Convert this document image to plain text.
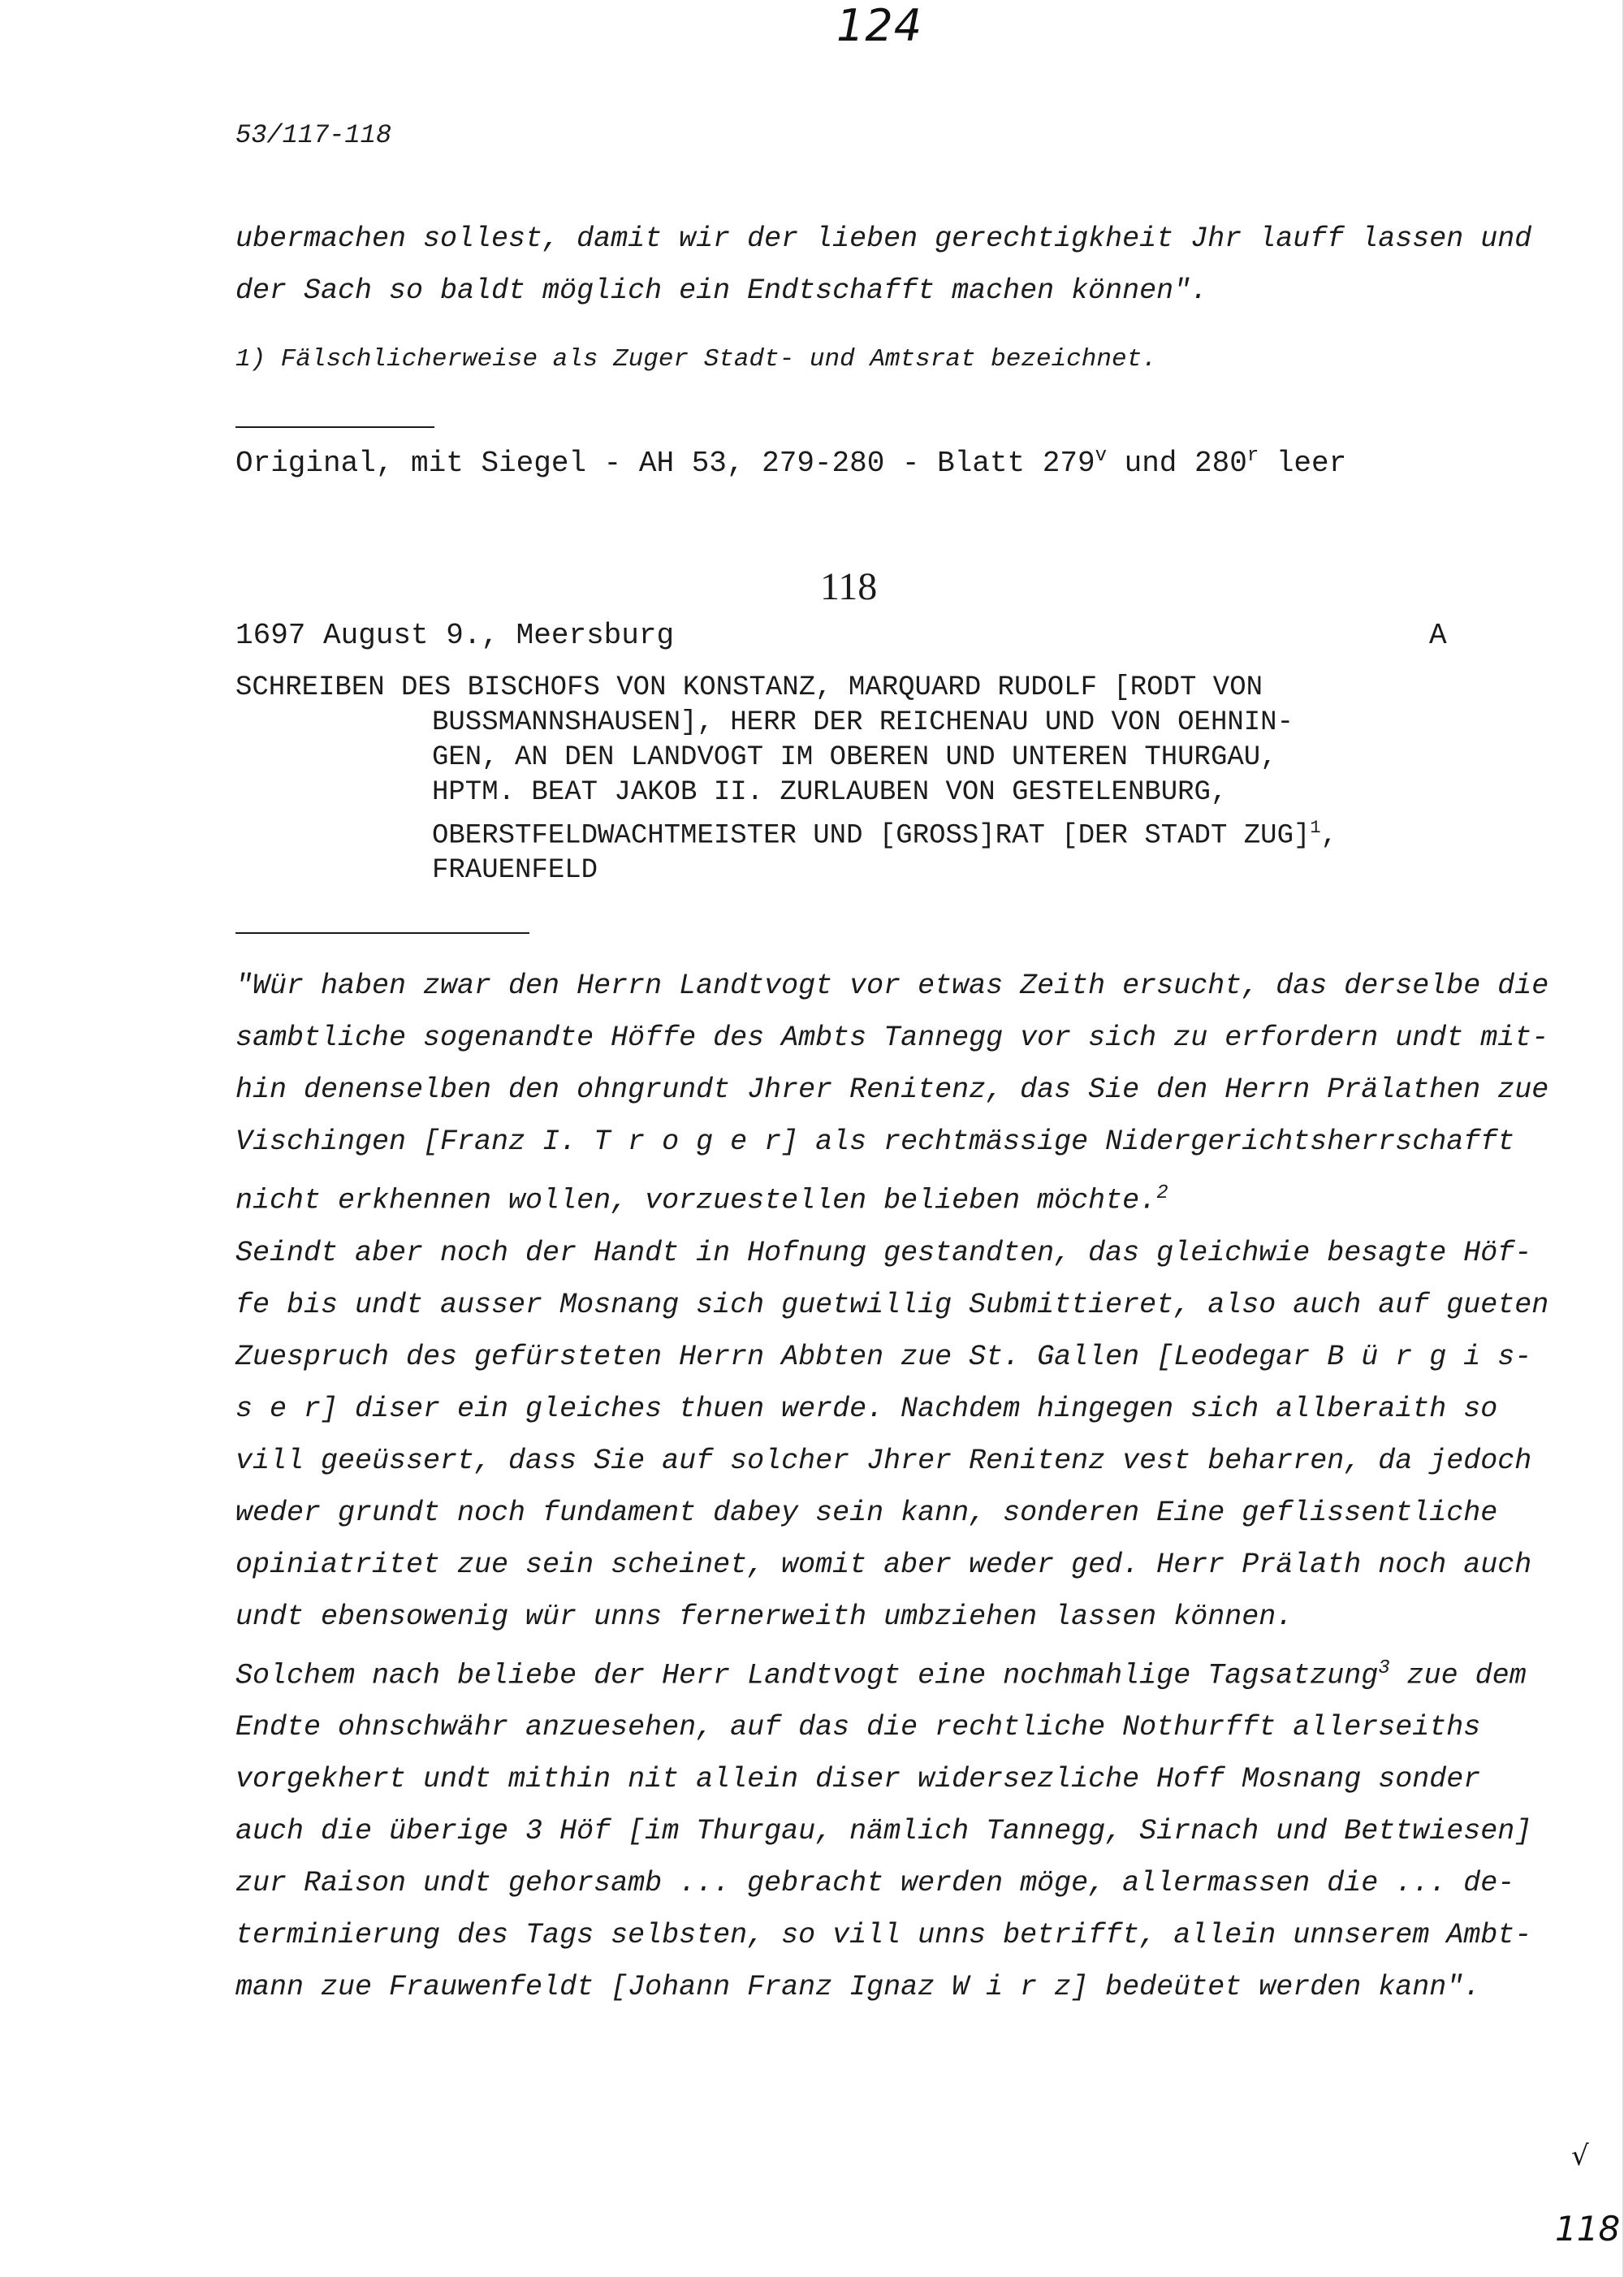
124
53/117-118
ubermachen sollest, damit wir der lieben gerechtigkheit Jhr lauff lassen und
der Sach so baldt möglich ein Endtschafft machen können".
1) Fälschlicherweise als Zuger Stadt- und Amtsrat bezeichnet.
Original, mit Siegel - AH 53, 279-280 - Blatt 279$^v$ und 280$^r$ leer
118
1697 August 9., Meersburg	A
SCHREIBEN DES BISCHOFS VON KONSTANZ, MARQUARD RUDOLF [RODT VON
BUSSMANNSHAUSEN], HERR DER REICHENAU UND VON OEHNIN-
GEN, AN DEN LANDVOGT IM OBEREN UND UNTEREN THURGAU,
HPTM. BEAT JAKOB II. ZURLAUBEN VON GESTELENBURG,
OBERSTFELDWACHTMEISTER UND [GROSS]RAT [DER STADT ZUG]$^1$,
FRAUENFELD
"Wür haben zwar den Herrn Landtvogt vor etwas Zeith ersucht, das derselbe die
sambtliche sogenandte Höffe des Ambts Tannegg vor sich zu erfordern undt mit-
hin denenselben den ohngrundt Jhrer Renitenz, das Sie den Herrn Prälathen zue
Vischingen [Franz I. T r o g e r] als rechtmässige Nidergerichtsherrschafft
nicht erkhennen wollen, vorzuestellen belieben möchte.$^2$
Seindt aber noch der Handt in Hofnung gestandten, das gleichwie besagte Höf-
fe bis undt ausser Mosnang sich guetwillig Submittieret, also auch auf gueten
Zuespruch des gefürsteten Herrn Abbten zue St. Gallen [Leodegar B ü r g i s-
s e r] diser ein gleiches thuen werde. Nachdem hingegen sich allberaith so
vill geeüssert, dass Sie auf solcher Jhrer Renitenz vest beharren, da jedoch
weder grundt noch fundament dabey sein kann, sonderen Eine geflissentliche
opiniatritet zue sein scheinet, womit aber weder ged. Herr Prälath noch auch
undt ebensowenig wür unns fernerweith umbziehen lassen können.
Solchem nach beliebe der Herr Landtvogt eine nochmahlige Tagsatzung$^3$ zue dem
Endte ohnschwähr anzuesehen, auf das die rechtliche Nothurfft allerseiths
vorgekhert undt mithin nit allein diser widersezliche Hoff Mosnang sonder
auch die überige 3 Höf [im Thurgau, nämlich Tannegg, Sirnach und Bettwiesen]
zur Raison undt gehorsamb ... gebracht werden möge, allermassen die ... de-
terminierung des Tags selbsten, so vill unns betrifft, allein unnserem Ambt-
mann zue Frauwenfeldt [Johann Franz Ignaz W i r z] bedeütet werden kann".
√
118
